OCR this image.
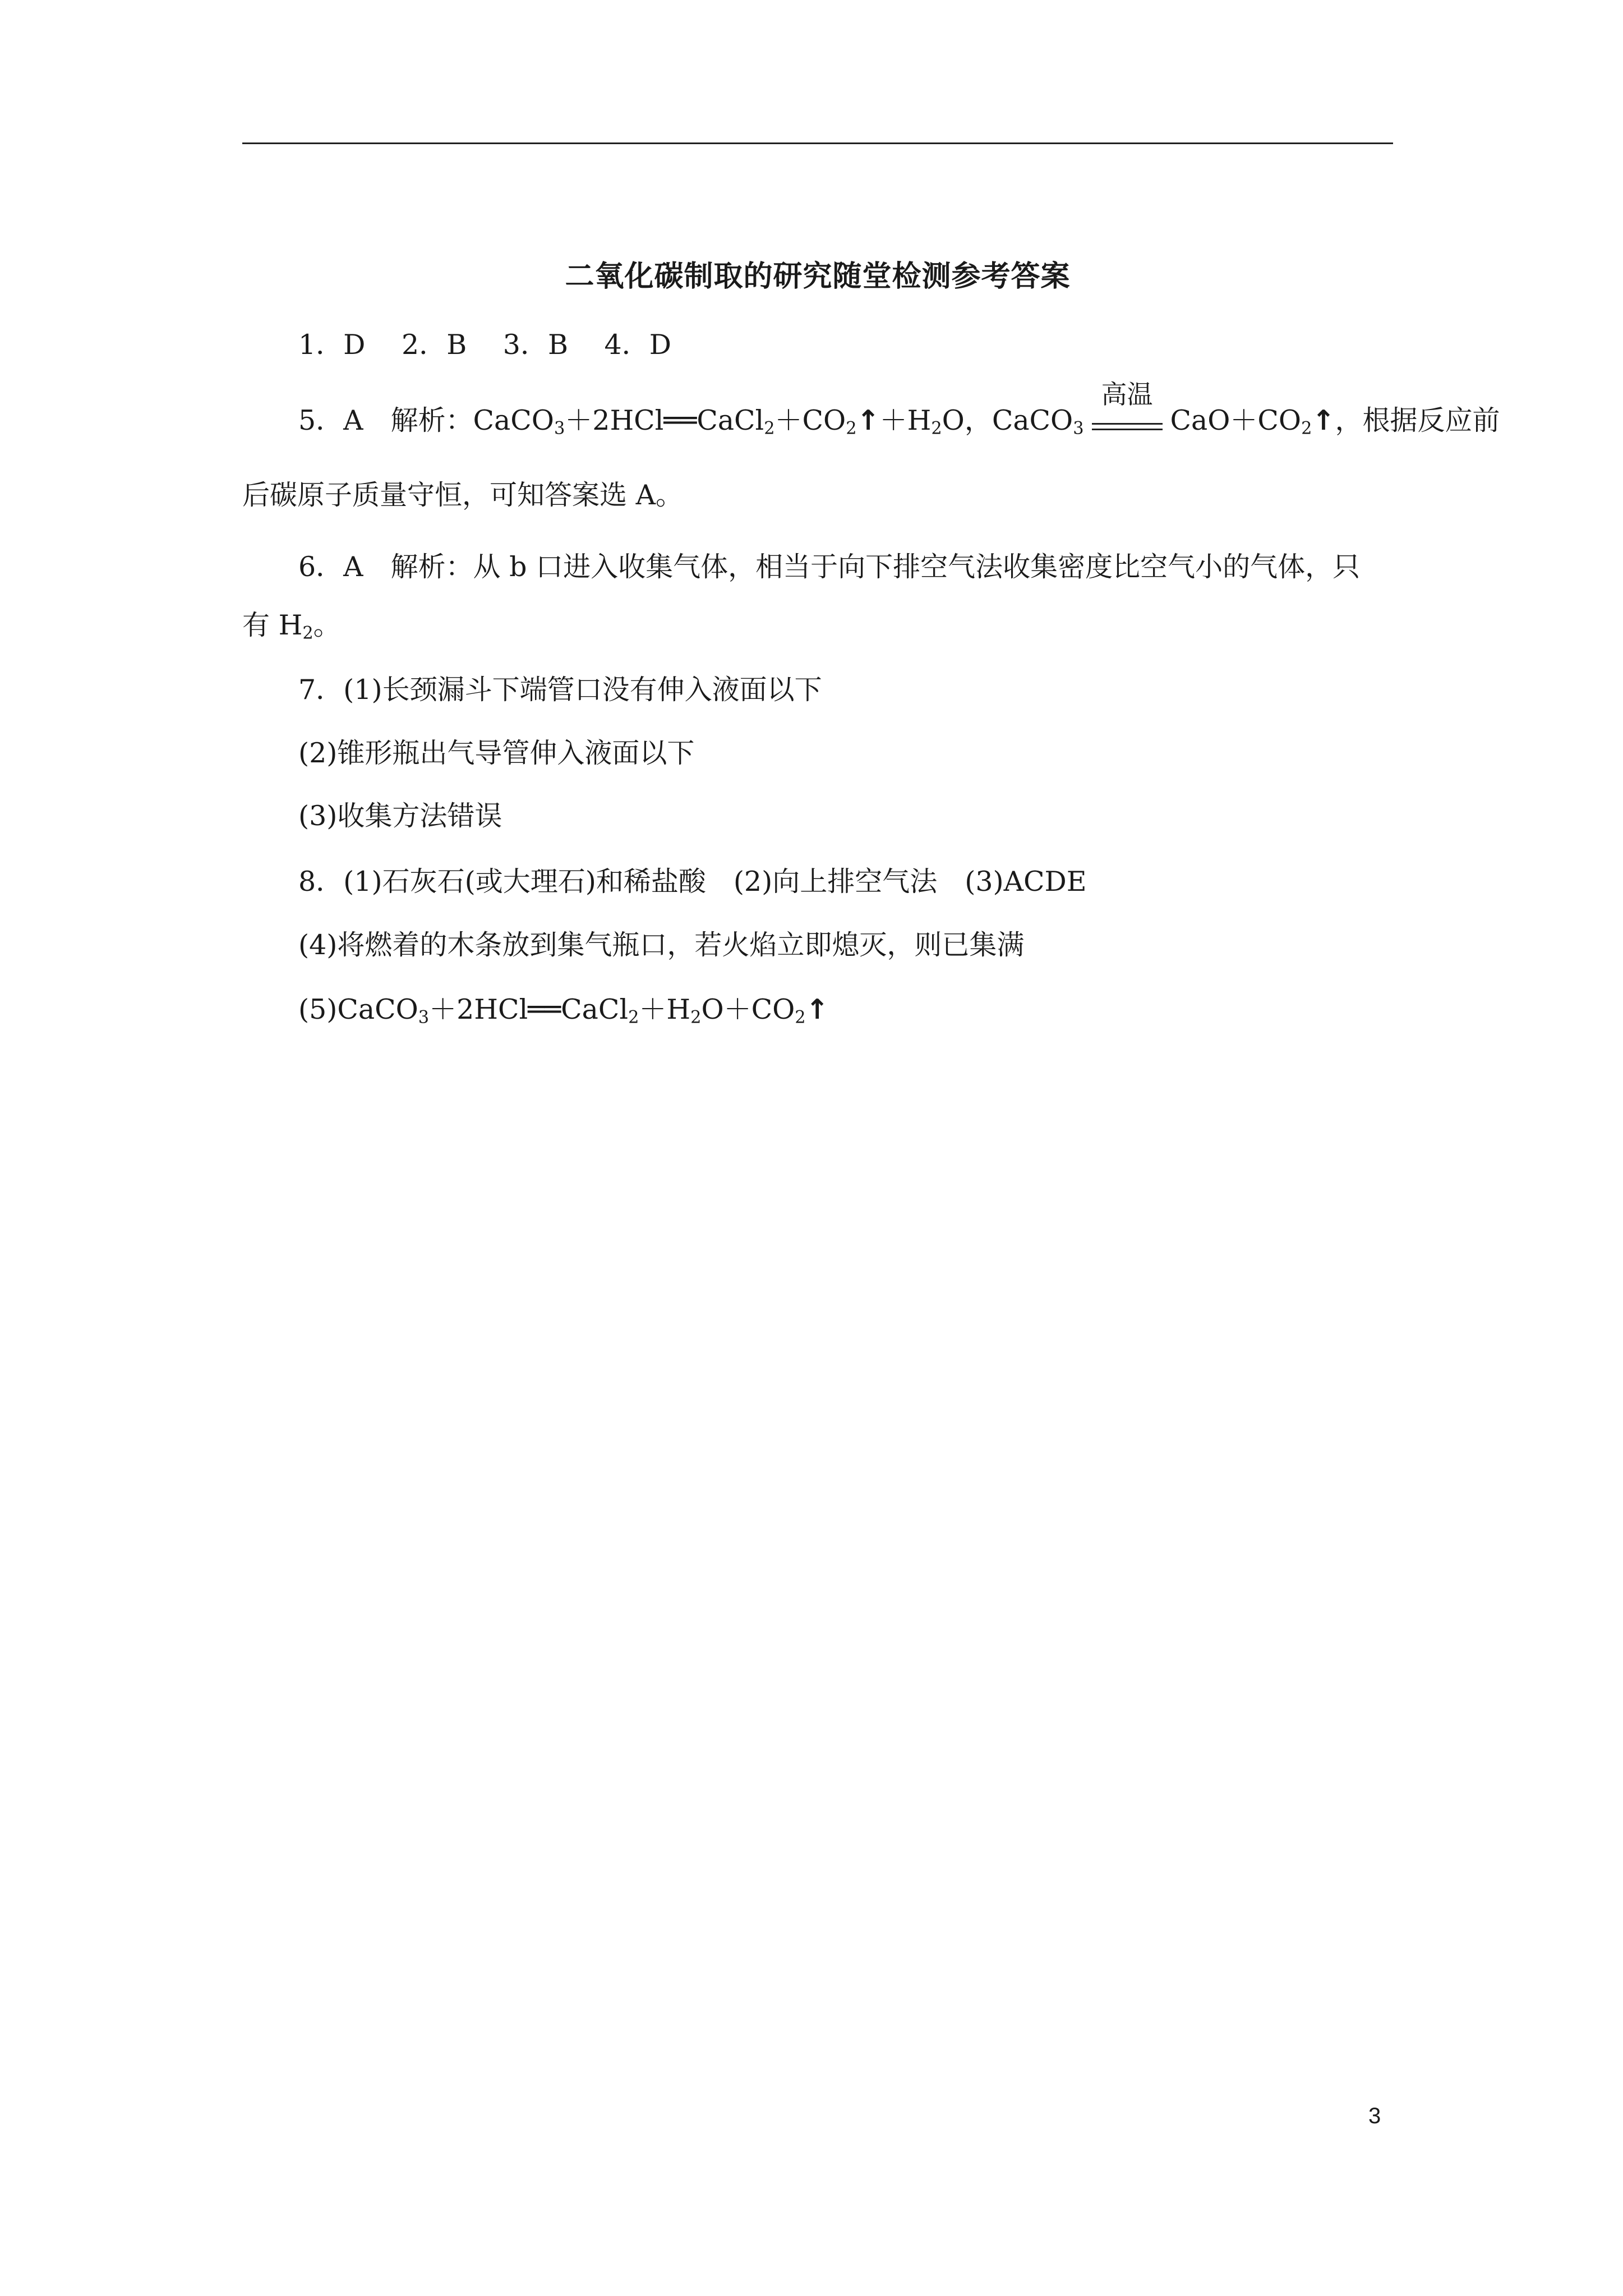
二氧化碳制取的研究随堂检测参考答案
1．D　 2．B　 3．B　 4．D
5．A　解析：$CaCO_3+2HCl══CaCl_2+CO_2↑+H_2O$，CaCO$_3$
高温
$CaO+CO_2↑$，根据反应前
后碳原子质量守恒，可知答案选 A。
6．A　解析：从 b 口进入收集气体，相当于向下排空气法收集密度比空气小的气体，只
有 $H_2$。
7．(1)长颈漏斗下端管口没有伸入液面以下
(2)锥形瓶出气导管伸入液面以下
(3)收集方法错误
8．(1)石灰石(或大理石)和稀盐酸　(2)向上排空气法　(3)ACDE
(4)将燃着的木条放到集气瓶口，若火焰立即熄灭，则已集满
$(5)CaCO_3+2HCl══CaCl_2+H_2O+CO_2↑$
3
